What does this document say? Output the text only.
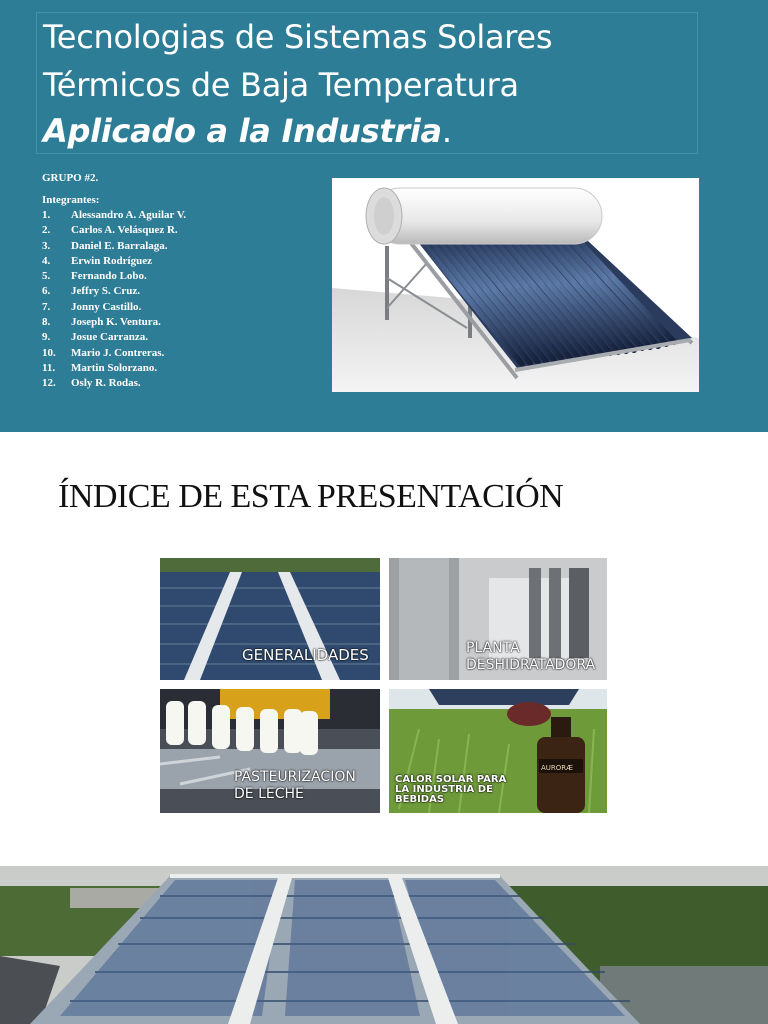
Tecnologias de Sistemas Solares
Térmicos de Baja Temperatura
Aplicado a la Industria.
GRUPO #2.
Integrantes:
1. Alessandro A. Aguilar V.
2. Carlos A. Velásquez R.
3. Daniel E. Barralaga.
4. Erwin Rodríguez
5. Fernando Lobo.
6. Jeffry S. Cruz.
7. Jonny Castillo.
8. Joseph K. Ventura.
9. Josue Carranza.
10. Mario J. Contreras.
11. Martin Solorzano.
12. Osly R. Rodas.
ÍNDICE DE ESTA PRESENTACIÓN
GENERALIDADES	PLANTA
DESHIDRATADORA
PASTEURIZACION
DE LECHE
AURORÆ
CALOR SOLAR PARA
LA INDUSTRIA DE
BEBIDAS
